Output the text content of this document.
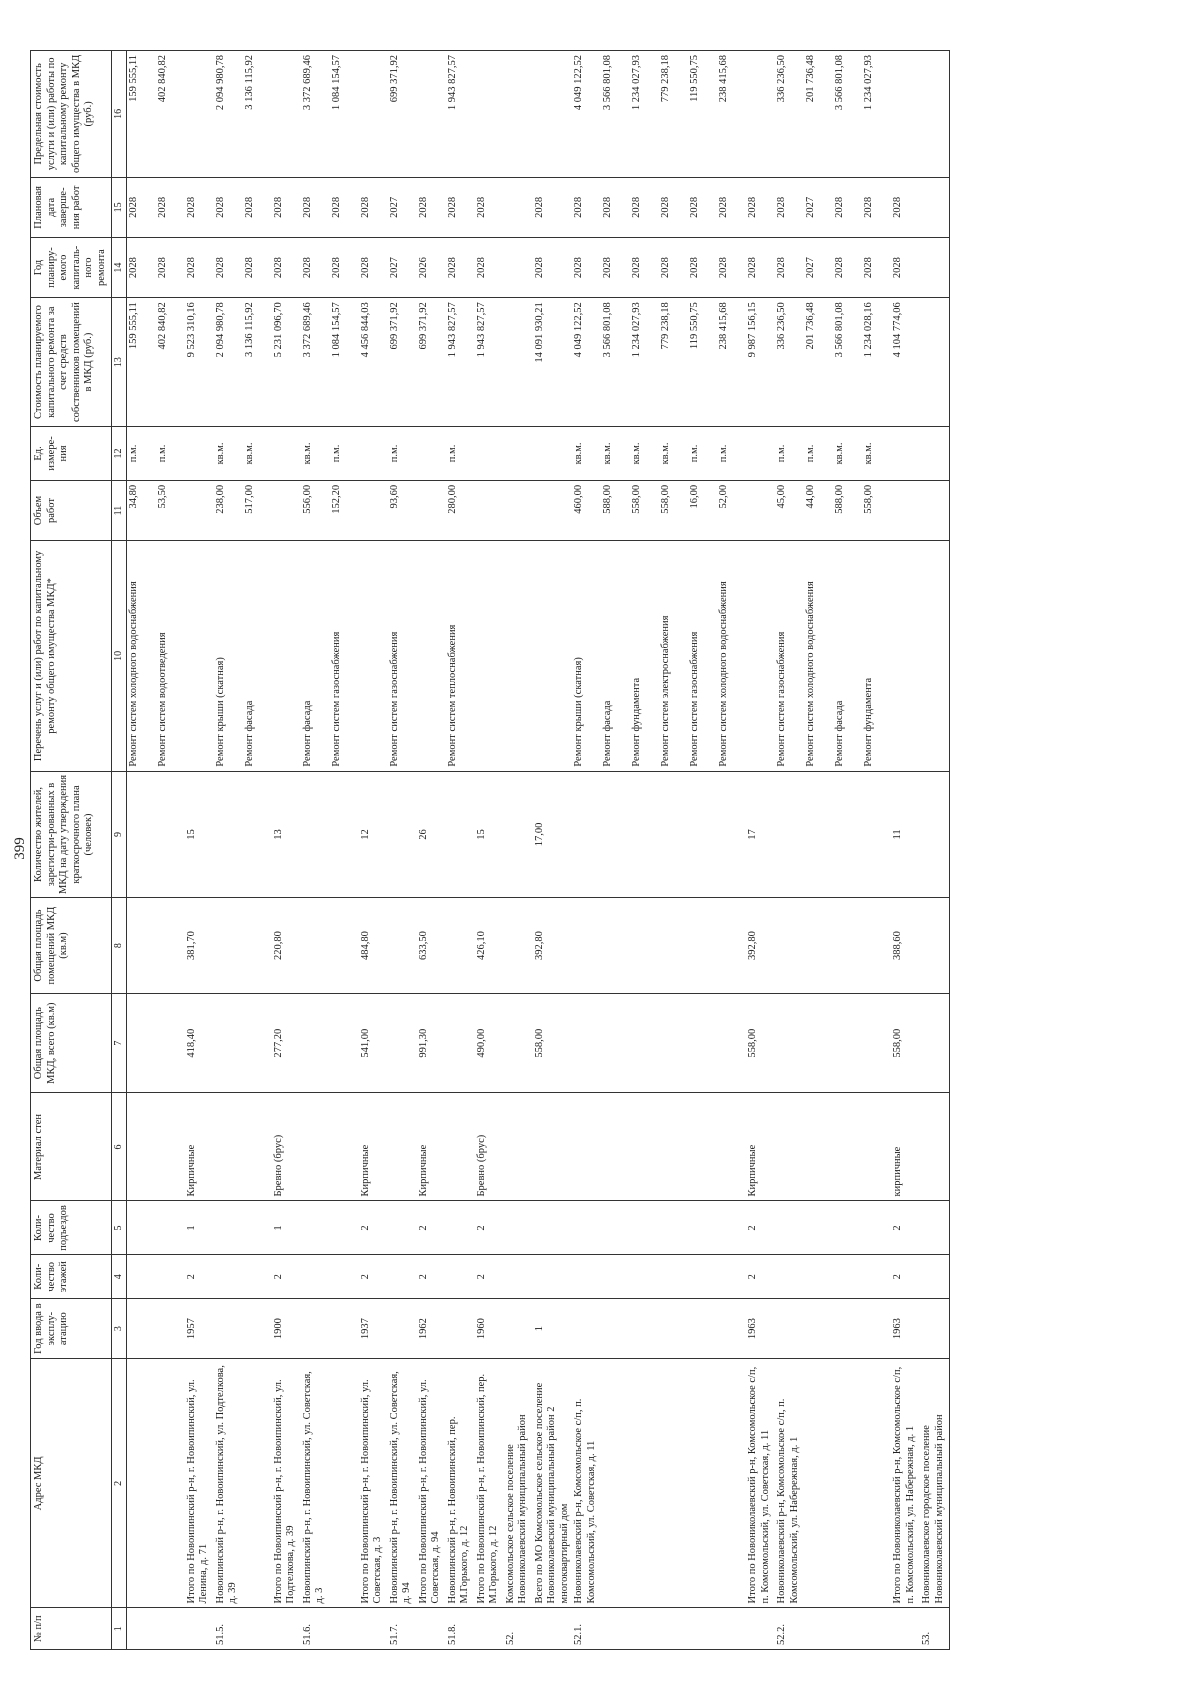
399
№ п/п	Адрес МКД	Год ввода в эксплу-атацию	Коли-чество этажей	Коли-чество подъездов	Материал стен	Общая площадь МКД, всего (кв.м)	Общая площадь помещений МКД (кв.м)	Количество жителей, зарегистри-рованных в МКД на дату утверждения краткосрочного плана (человек)	Перечень услуг и (или) работ по капитальному ремонту общего имущества МКД*	Объем работ	Ед. измере-ния	Стоимость планируемого капитального ремонта за счет средств собственников помещений в МКД (руб.)	Год планиру-емого капиталь-ного ремонта	Плановая дата заверше-ния работ	Предельная стоимость услуги и (или) работы по капитальному ремонту общего имущества в МКД (руб.)
1	2	3	4	5	6	7	8	9	10	11	12	13	14	15	16
									Ремонт систем холодного водоснабжения	34,80	п.м.	159 555,11	2028	2028	159 555,11
									Ремонт систем водоотведения	53,50	п.м.	402 840,82	2028	2028	402 840,82
	Итого по Новоипинский р-н, г. Новоипинский, ул. Ленина, д. 71	1957	2	1	Кирпичные	418,40	381,70	15				9 523 310,16	2028	2028	
51.5.	Новоипинский р-н, г. Новоипинский, ул. Подтелкова, д. 39								Ремонт крыши (скатная)	238,00	кв.м.	2 094 980,78	2028	2028	2 094 980,78
									Ремонт фасада	517,00	кв.м.	3 136 115,92	2028	2028	3 136 115,92
	Итого по Новоипинский р-н, г. Новоипинский, ул. Подтелкова, д. 39	1900	2	1	Бревно (брус)	277,20	220,80	13				5 231 096,70	2028	2028	
51.6.	Новоипинский р-н, г. Новоипинский, ул. Советская, д. 3								Ремонт фасада	556,00	кв.м.	3 372 689,46	2028	2028	3 372 689,46
									Ремонт систем газоснабжения	152,20	п.м.	1 084 154,57	2028	2028	1 084 154,57
	Итого по Новоипинский р-н, г. Новоипинский, ул. Советская, д. 3	1937	2	2	Кирпичные	541,00	484,80	12				4 456 844,03	2028	2028	
51.7.	Новоипинский р-н, г. Новоипинский, ул. Советская, д. 94								Ремонт систем газоснабжения	93,60	п.м.	699 371,92	2027	2027	699 371,92
	Итого по Новоипинский р-н, г. Новоипинский, ул. Советская, д. 94	1962	2	2	Кирпичные	991,30	633,50	26				699 371,92	2026	2028	
51.8.	Новоипинский р-н, г. Новоипинский, пер. М.Горького, д. 12								Ремонт систем теплоснабжения	280,00	п.м.	1 943 827,57	2028	2028	1 943 827,57
	Итого по Новоипинский р-н, г. Новоипинский, пер. М.Горького, д. 12	1960	2	2	Бревно (брус)	490,00	426,10	15				1 943 827,57	2028	2028	
52.	Комсомольское сельское поселение Новониколаевский муниципальный район														
	Всего по МО Комсомольское сельское поселение Новониколаевский муниципальный район 2 многоквартирный дом	1				558,00	392,80	17,00				14 091 930,21	2028	2028	
52.1.	Новониколаевский р-н, Комсомольское с/п, п. Комсомольский, ул. Советская, д. 11								Ремонт крыши (скатная)	460,00	кв.м.	4 049 122,52	2028	2028	4 049 122,52
									Ремонт фасада	588,00	кв.м.	3 566 801,08	2028	2028	3 566 801,08
									Ремонт фундамента	558,00	кв.м.	1 234 027,93	2028	2028	1 234 027,93
									Ремонт систем электроснабжения	558,00	кв.м.	779 238,18	2028	2028	779 238,18
									Ремонт систем газоснабжения	16,00	п.м.	119 550,75	2028	2028	119 550,75
									Ремонт систем холодного водоснабжения	52,00	п.м.	238 415,68	2028	2028	238 415,68
	Итого по Новониколаевский р-н, Комсомольское с/п, п. Комсомольский, ул. Советская, д. 11	1963	2	2	Кирпичные	558,00	392,80	17				9 987 156,15	2028	2028	
52.2.	Новониколаевский р-н, Комсомольское с/п, п. Комсомольский, ул. Набережная, д. 1								Ремонт систем газоснабжения	45,00	п.м.	336 236,50	2028	2028	336 236,50
									Ремонт систем холодного водоснабжения	44,00	п.м.	201 736,48	2027	2027	201 736,48
									Ремонт фасада	588,00	кв.м.	3 566 801,08	2028	2028	3 566 801,08
									Ремонт фундамента	558,00	кв.м.	1 234 028,16	2028	2028	1 234 027,93
	Итого по Новониколаевский р-н, Комсомольское с/п, п. Комсомольский, ул. Набережная, д. 1	1963	2	2	кирпичные	558,00	388,60	11				4 104 774,06	2028	2028	
53.	Новониколаевское городское поселение Новониколаевский муниципальный район														
